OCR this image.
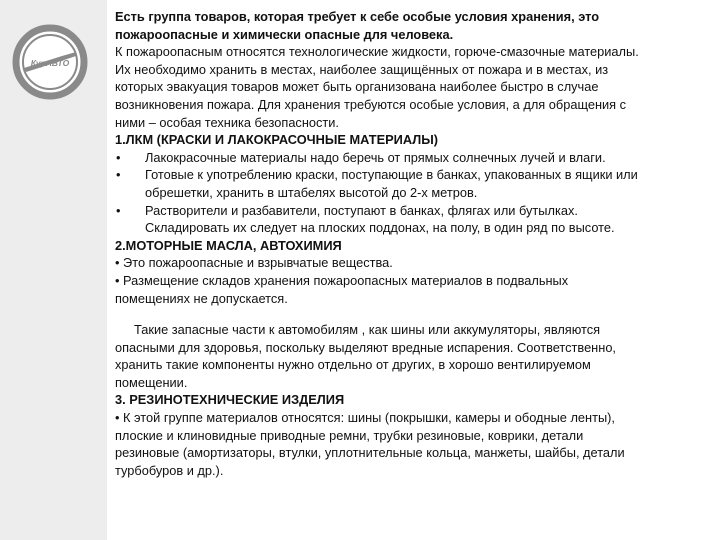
КурАВТО

Есть группа товаров, которая требует к себе особые условия хранения, это

пожароопасные и химически опасные для человека.

К пожароопасным относятся технологические жидкости, горюче-смазочные материалы.

Их необходимо хранить в местах, наиболее защищённых от пожара и в местах, из

которых эвакуация товаров может быть организована наиболее быстро в случае

возникновения пожара. Для хранения требуются особые условия, а для обращения с

ними – особая техника безопасности.

1.ЛКМ (КРАСКИ И ЛАКОКРАСОЧНЫЕ МАТЕРИАЛЫ)

•	Лакокрасочные материалы надо беречь от прямых солнечных лучей и влаги.

•	Готовые к употреблению краски, поступающие в банках, упакованных в ящики или

обрешетки, хранить в штабелях высотой до 2-х метров.

•	Растворители и разбавители, поступают в банках, флягах или бутылках.

Складировать их следует на плоских поддонах, на полу, в один ряд по высоте.

2.МОТОРНЫЕ МАСЛА, АВТОХИМИЯ

• Это пожароопасные и взрывчатые вещества.

• Размещение складов хранения пожароопасных материалов в подвальных

помещениях не допускается.

Такие запасные части к автомобилям , как шины или аккумуляторы, являются

опасными для здоровья, поскольку выделяют вредные испарения. Соответственно,

хранить такие компоненты нужно отдельно от других, в хорошо вентилируемом

помещении.

3. РЕЗИНОТЕХНИЧЕСКИЕ ИЗДЕЛИЯ

• К этой группе материалов относятся: шины (покрышки, камеры и ободные ленты),

плоские и клиновидные приводные ремни, трубки резиновые, коврики, детали

резиновые (амортизаторы, втулки, уплотнительные кольца, манжеты, шайбы, детали

турбобуров и др.).
